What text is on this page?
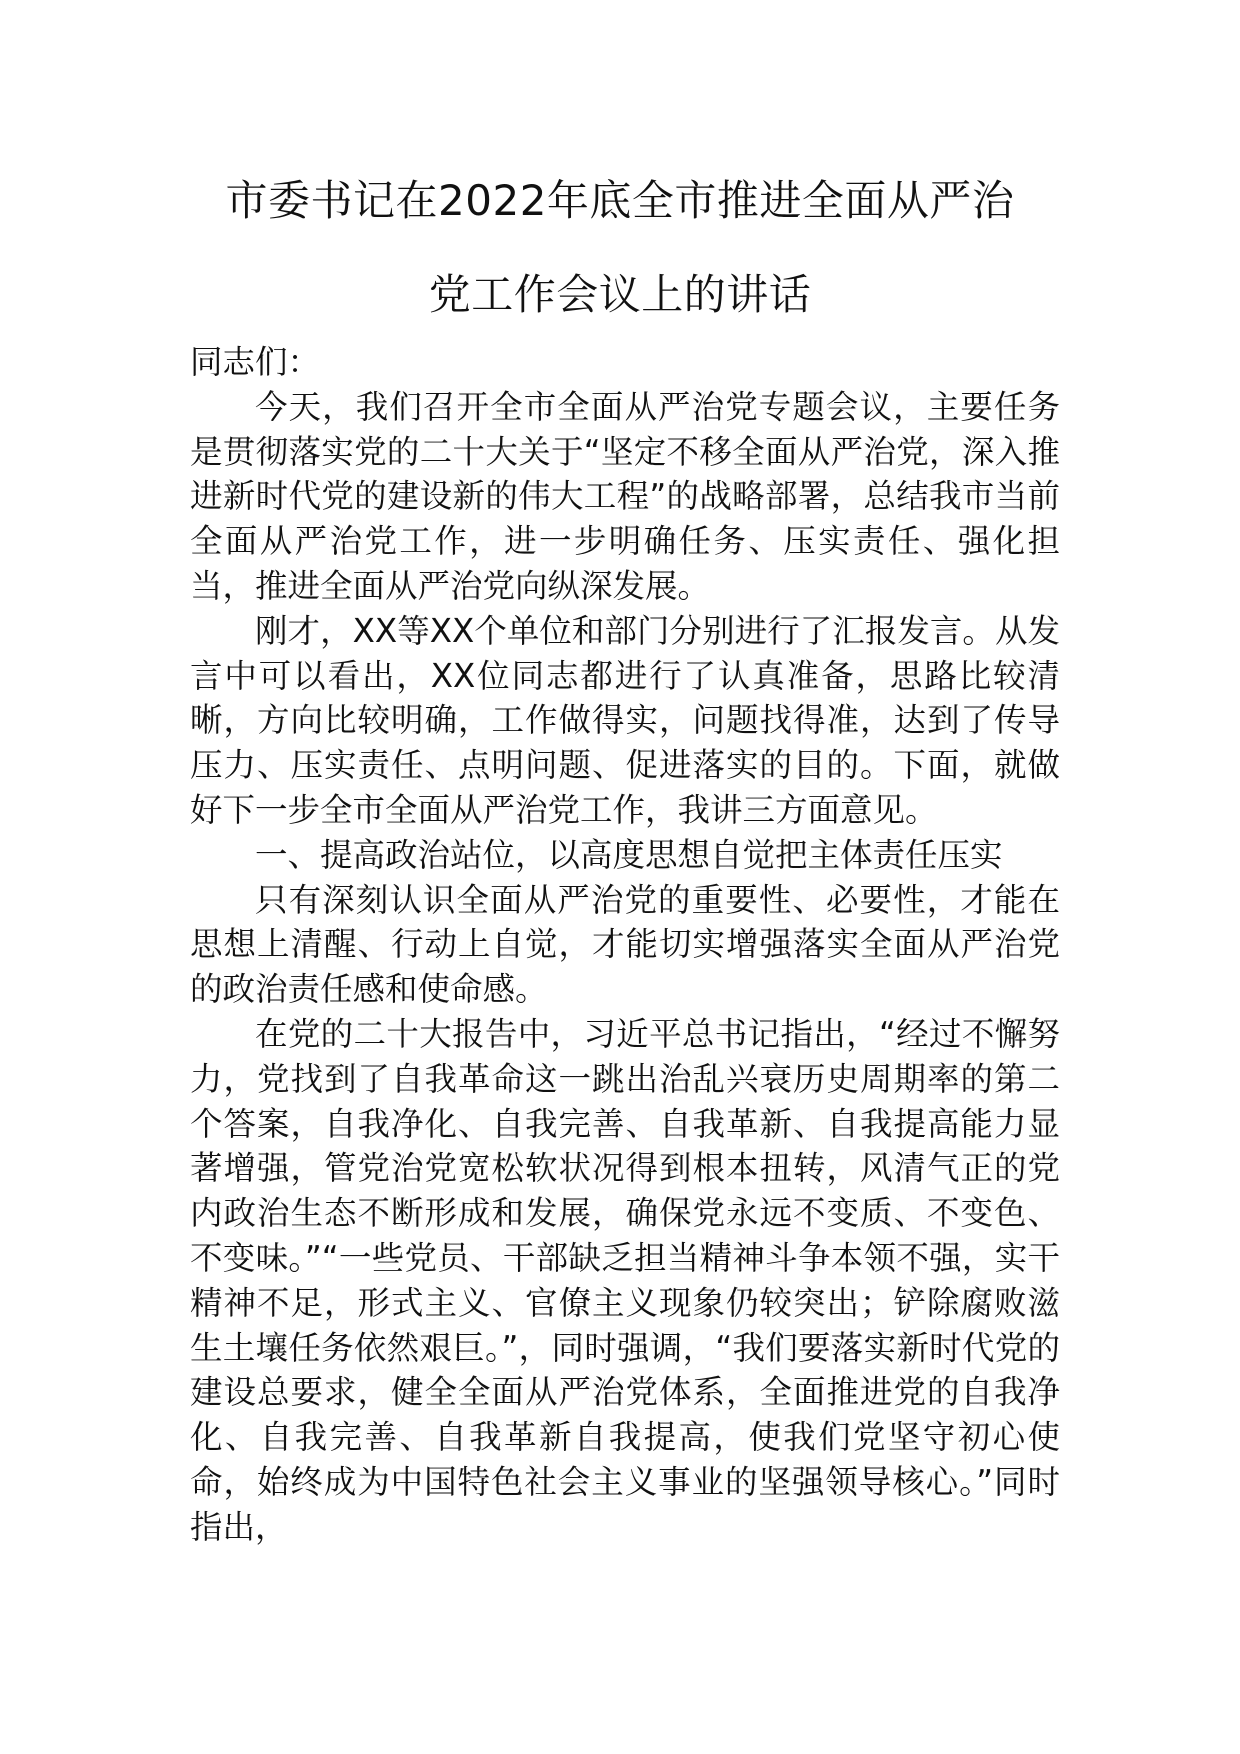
市委书记在2022年底全市推进全面从严治
党工作会议上的讲话

同志们：

今天，我们召开全市全面从严治党专题会议，主要任务是贯彻落实党的二十大关于“坚定不移全面从严治党，深入推进新时代党的建设新的伟大工程”的战略部署，总结我市当前全面从严治党工作，进一步明确任务、压实责任、强化担当，推进全面从严治党向纵深发展。

刚才，XX等XX个单位和部门分别进行了汇报发言。从发言中可以看出，XX位同志都进行了认真准备，思路比较清晰，方向比较明确，工作做得实，问题找得准，达到了传导压力、压实责任、点明问题、促进落实的目的。下面，就做好下一步全市全面从严治党工作，我讲三方面意见。

一、提高政治站位，以高度思想自觉把主体责任压实

只有深刻认识全面从严治党的重要性、必要性，才能在思想上清醒、行动上自觉，才能切实增强落实全面从严治党的政治责任感和使命感。

在党的二十大报告中，习近平总书记指出，“经过不懈努力，党找到了自我革命这一跳出治乱兴衰历史周期率的第二个答案，自我净化、自我完善、自我革新、自我提高能力显著增强，管党治党宽松软状况得到根本扭转，风清气正的党内政治生态不断形成和发展，确保党永远不变质、不变色、不变味。”“一些党员、干部缺乏担当精神斗争本领不强，实干精神不足，形式主义、官僚主义现象仍较突出；铲除腐败滋生土壤任务依然艰巨。”，同时强调，“我们要落实新时代党的建设总要求，健全全面从严治党体系，全面推进党的自我净化、自我完善、自我革新自我提高，使我们党坚守初心使命，始终成为中国特色社会主义事业的坚强领导核心。”同时指出，
